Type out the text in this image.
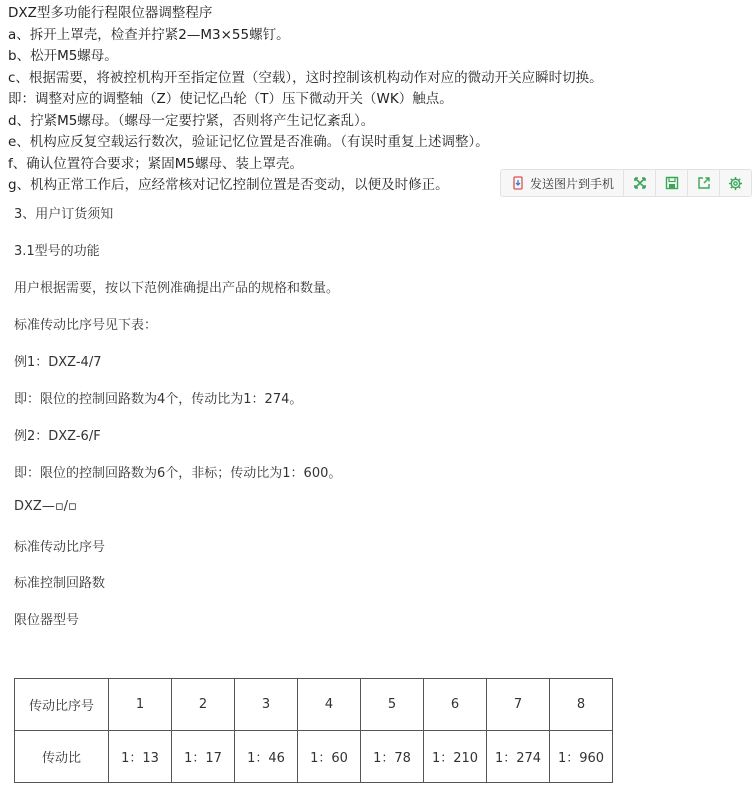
DXZ型多功能行程限位器调整程序
a、拆开上罩壳，检查并拧紧2—M3×55螺钉。
b、松开M5螺母。
c、根据需要，将被控机构开至指定位置（空载），这时控制该机构动作对应的微动开关应瞬时切换。
即：调整对应的调整轴（Z）使记忆凸轮（T）压下微动开关（WK）触点。
d、拧紧M5螺母。（螺母一定要拧紧，否则将产生记忆紊乱）。
e、机构应反复空载运行数次，验证记忆位置是否准确。（有误时重复上述调整）。
f、确认位置符合要求；紧固M5螺母、装上罩壳。
g、机构正常工作后，应经常核对记忆控制位置是否变动，以便及时修正。	发送图片到手机
3、用户订货须知
3.1型号的功能
用户根据需要，按以下范例准确提出产品的规格和数量。
标准传动比序号见下表：
例1：DXZ-4/7
即：限位的控制回路数为4个，传动比为1：274。
例2：DXZ-6/F
即：限位的控制回路数为6个，非标；传动比为1：600。
DXZ—▫/▫
标准传动比序号
标准控制回路数
限位器型号
传动比序号	1	2	3	4	5	6	7	8
传动比	1：13	1：17	1：46	1：60	1：78	1：210	1：274	1：960
